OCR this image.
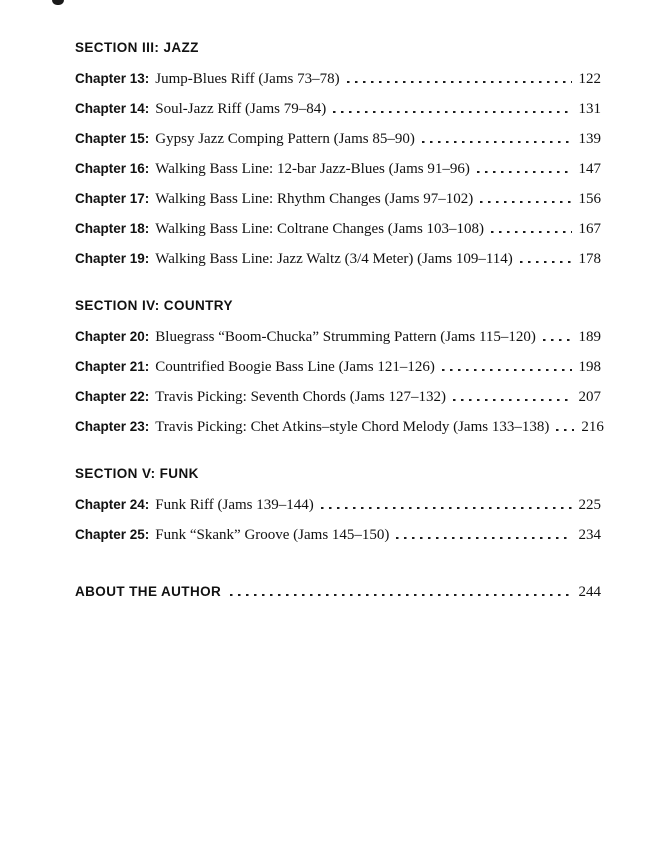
SECTION III: JAZZ
Chapter 13: Jump-Blues Riff (Jams 73–78)	122
Chapter 14: Soul-Jazz Riff (Jams 79–84)	131
Chapter 15: Gypsy Jazz Comping Pattern (Jams 85–90)	139
Chapter 16: Walking Bass Line: 12-bar Jazz-Blues (Jams 91–96)	147
Chapter 17: Walking Bass Line: Rhythm Changes (Jams 97–102)	156
Chapter 18: Walking Bass Line: Coltrane Changes (Jams 103–108)	167
Chapter 19: Walking Bass Line: Jazz Waltz (3/4 Meter) (Jams 109–114)	178
SECTION IV: COUNTRY
Chapter 20: Bluegrass “Boom-Chucka” Strumming Pattern (Jams 115–120)	189
Chapter 21: Countrified Boogie Bass Line (Jams 121–126)	198
Chapter 22: Travis Picking: Seventh Chords (Jams 127–132)	207
Chapter 23: Travis Picking: Chet Atkins–style Chord Melody (Jams 133–138) 216
SECTION V: FUNK
Chapter 24: Funk Riff (Jams 139–144)	225
Chapter 25: Funk “Skank” Groove (Jams 145–150)	234
ABOUT THE AUTHOR	244
